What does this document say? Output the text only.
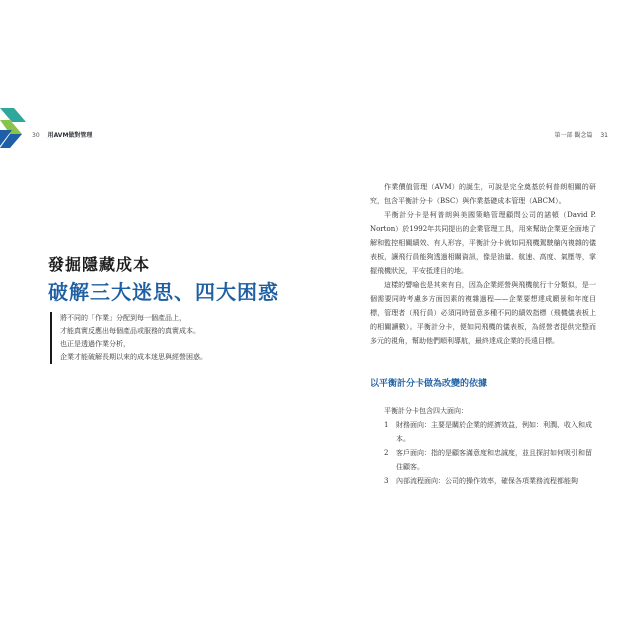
30 用AVM做對管理
發掘隱藏成本
破解三大迷思、四大困惑
將不同的「作業」分配到每一個產品上，
才能真實反應出每個產品或服務的真實成本。
也正是透過作業分析，
企業才能破解長期以來的成本迷思與經營困惑。
第一部 觀念篇 31

作業價值管理（AVM）的誕生，可說是完全奠基於柯普朗相關的研究，包含平衡計分卡（BSC）與作業基礎成本管理（ABCM）。

平衡計分卡是柯普朗與美國策略管理顧問公司的諾頓（David P. Norton）於1992年共同提出的企業管理工具，用來幫助企業更全面地了解和監控相關績效、有人形容，平衡計分卡就如同飛機駕駛艙內複雜的儀表板，讓飛行員能夠透過相關資訊，像是油量、航速、高度、氣壓等，掌握飛機狀況，平安抵達目的地。

這樣的譬喻也是其來有自，因為企業經營與飛機航行十分類似，是一個需要同時考慮多方面因素的複雜過程——企業要想達成願景和年度目標，管理者（飛行員）必須同時留意多種不同的績效指標（飛機儀表板上的相關讀數）。平衡計分卡，便如同飛機的儀表板，為經營者提供完整而多元的視角，幫助他們順利導航，最終達成企業的長遠目標。

以平衡計分卡做為改變的依據
平衡計分卡包含四大面向：
1 財務面向：主要是關於企業的經濟效益，例如：利潤、收入和成本。
2 客戶面向：指的是顧客滿意度和忠誠度，並且探討如何吸引和留住顧客。
3 內部流程面向：公司的操作效率，確保各項業務流程都能夠
